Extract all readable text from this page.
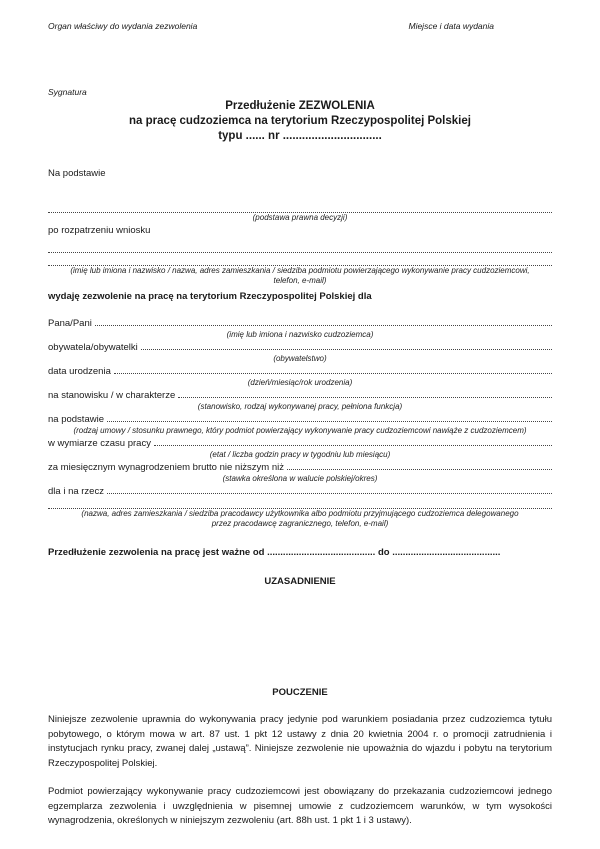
Organ właściwy do wydania zezwolenia	Miejsce i data wydania
Sygnatura
Przedłużenie ZEZWOLENIA
na pracę cudzoziemca na terytorium Rzeczypospolitej Polskiej
typu ...... nr ...............................
Na podstawie
(podstawa prawna decyzji)
po rozpatrzeniu wniosku
(imię lub imiona i nazwisko / nazwa, adres zamieszkania / siedziba podmiotu powierzającego wykonywanie pracy cudzoziemcowi, telefon, e-mail)
wydaję zezwolenie na pracę na terytorium Rzeczypospolitej Polskiej dla
Pana/Pani
(imię lub imiona i nazwisko cudzoziemca)
obywatela/obywatelki
(obywatelstwo)
data urodzenia
(dzień/miesiąc/rok urodzenia)
na stanowisku / w charakterze
(stanowisko, rodzaj wykonywanej pracy, pełniona funkcja)
na podstawie
(rodzaj umowy / stosunku prawnego, który podmiot powierzający wykonywanie pracy cudzoziemcowi nawiąże z cudzoziemcem)
w wymiarze czasu pracy
(etat / liczba godzin pracy w tygodniu lub miesiącu)
za miesięcznym wynagrodzeniem brutto nie niższym niż
(stawka określona w walucie polskiej/okres)
dla i na rzecz
(nazwa, adres zamieszkania / siedziba pracodawcy użytkownika albo podmiotu przyjmującego cudzoziemca delegowanego przez pracodawcę zagranicznego, telefon, e-mail)
Przedłużenie zezwolenia na pracę jest ważne od ......................................... do .........................................
UZASADNIENIE
POUCZENIE

Niniejsze zezwolenie uprawnia do wykonywania pracy jedynie pod warunkiem posiadania przez cudzoziemca tytułu pobytowego, o którym mowa w art. 87 ust. 1 pkt 12 ustawy z dnia 20 kwietnia 2004 r. o promocji zatrudnienia i instytucjach rynku pracy, zwanej dalej „ustawą”. Niniejsze zezwolenie nie upoważnia do wjazdu i pobytu na terytorium Rzeczypospolitej Polskiej.

Podmiot powierzający wykonywanie pracy cudzoziemcowi jest obowiązany do przekazania cudzoziemcowi jednego egzemplarza zezwolenia i uwzględnienia w pisemnej umowie z cudzoziemcem warunków, w tym wysokości wynagrodzenia, określonych w niniejszym zezwoleniu (art. 88h ust. 1 pkt 1 i 3 ustawy).
